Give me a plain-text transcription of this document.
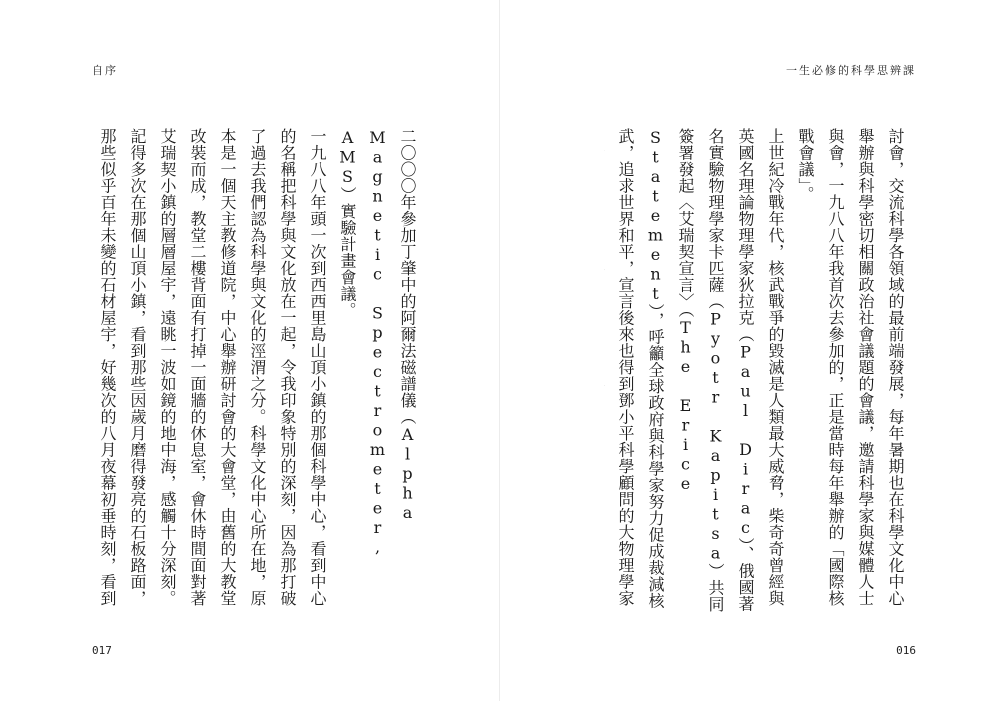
自序

二〇〇〇年參加丁肇中的阿爾法磁譜儀（Alpha Magnetic Spectrometer, AMS）實驗計畫會議。

一九八八年頭一次到西西里島山頂小鎮的那個科學中心，看到中心的名稱把科學與文化放在一起，令我印象特別的深刻，因為那打破了過去我們認為科學與文化的涇渭之分。科學文化中心所在地，原本是一個天主教修道院，中心舉辦研討會的大會堂，由舊的大教堂改裝而成，教堂二樓背面有打掉一面牆的休息室，會休時間面對著艾瑞契小鎮的層層屋宇，遠眺一波如鏡的地中海，感觸十分深刻。

記得多次在那個山頂小鎮，看到那些因歲月磨得發亮的石板路面，那些似乎百年未變的石材屋宇，好幾次的八月夜幕初垂時刻，看到

017
一生必修的科學思辨課

討會，交流科學各領域的最前端發展，每年暑期也在科學文化中心舉辦與科學密切相關政治社會議題的會議，邀請科學家與媒體人士與會，一九八八年我首次去參加的，正是當時每年舉辦的「國際核戰會議」。

上世紀冷戰年代，核武戰爭的毀滅是人類最大威脅，柴奇奇曾經與英國名理論物理學家狄拉克（Paul Dirac）、俄國著名實驗物理學家卡匹薩（Pyotr Kapitsa）共同簽署發起〈艾瑞契宣言〉（The Erice Statement），呼籲全球政府與科學家努力促成裁減核武，追求世界和平，宣言後來也得到鄧小平科學顧問的大物理學家

016
